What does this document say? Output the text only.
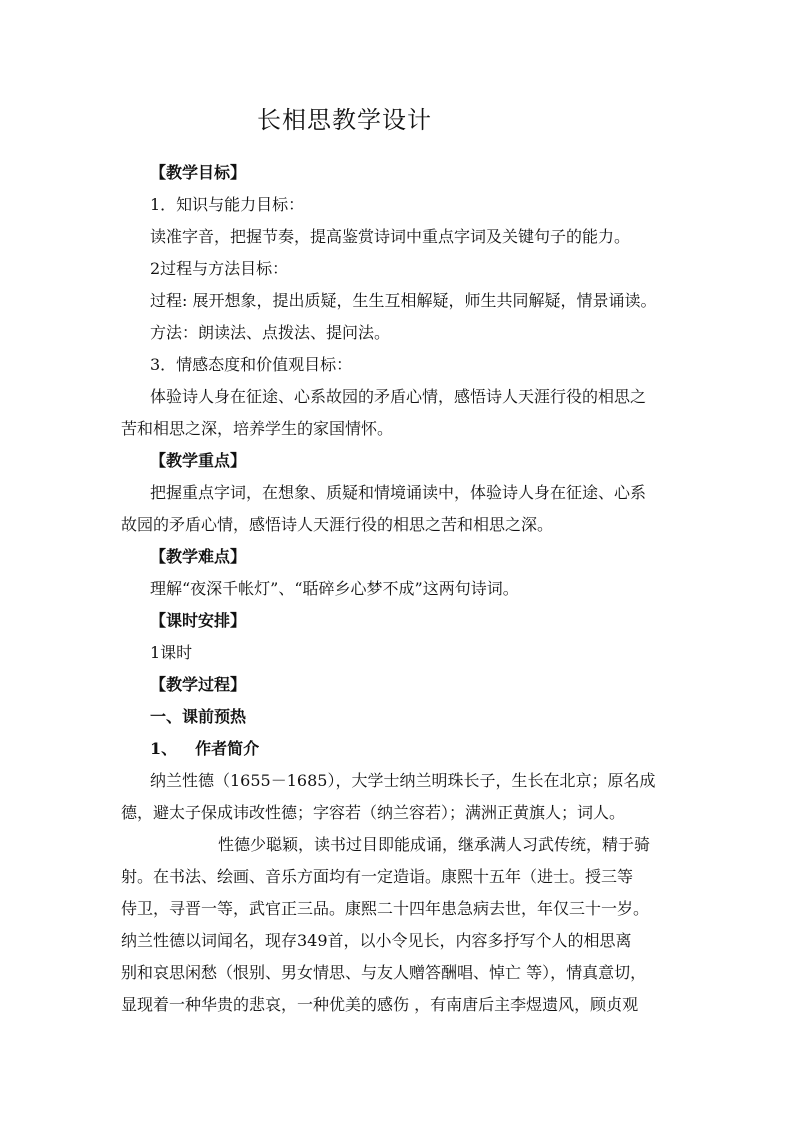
长相思教学设计

【教学目标】

1．知识与能力目标：

读准字音，把握节奏，提高鉴赏诗词中重点字词及关键句子的能力。

2过程与方法目标：

过程: 展开想象，提出质疑，生生互相解疑，师生共同解疑，情景诵读。

方法：朗读法、点拨法、提问法。

3．情感态度和价值观目标：

体验诗人身在征途、心系故园的矛盾心情，感悟诗人天涯行役的相思之

苦和相思之深，培养学生的家国情怀。

【教学重点】

把握重点字词，在想象、质疑和情境诵读中，体验诗人身在征途、心系

故园的矛盾心情，感悟诗人天涯行役的相思之苦和相思之深。

【教学难点】

理解“夜深千帐灯”、“聒碎乡心梦不成”这两句诗词。

【课时安排】

1课时

【教学过程】

一、课前预热

1、 作者简介

纳兰性德（1655－1685），大学士纳兰明珠长子，生长在北京；原名成

德，避太子保成讳改性德；字容若（纳兰容若）；满洲正黄旗人；词人。

性德少聪颖，读书过目即能成诵，继承满人习武传统，精于骑

射。在书法、绘画、音乐方面均有一定造诣。康熙十五年（进士。授三等

侍卫，寻晋一等，武官正三品。康熙二十四年患急病去世，年仅三十一岁。

纳兰性德以词闻名，现存349首，以小令见长，内容多抒写个人的相思离

别和哀思闲愁（恨别、男女情思、与友人赠答酬唱、悼亡 等），情真意切，

显现着一种华贵的悲哀，一种优美的感伤 ，有南唐后主李煜遗风，顾贞观
